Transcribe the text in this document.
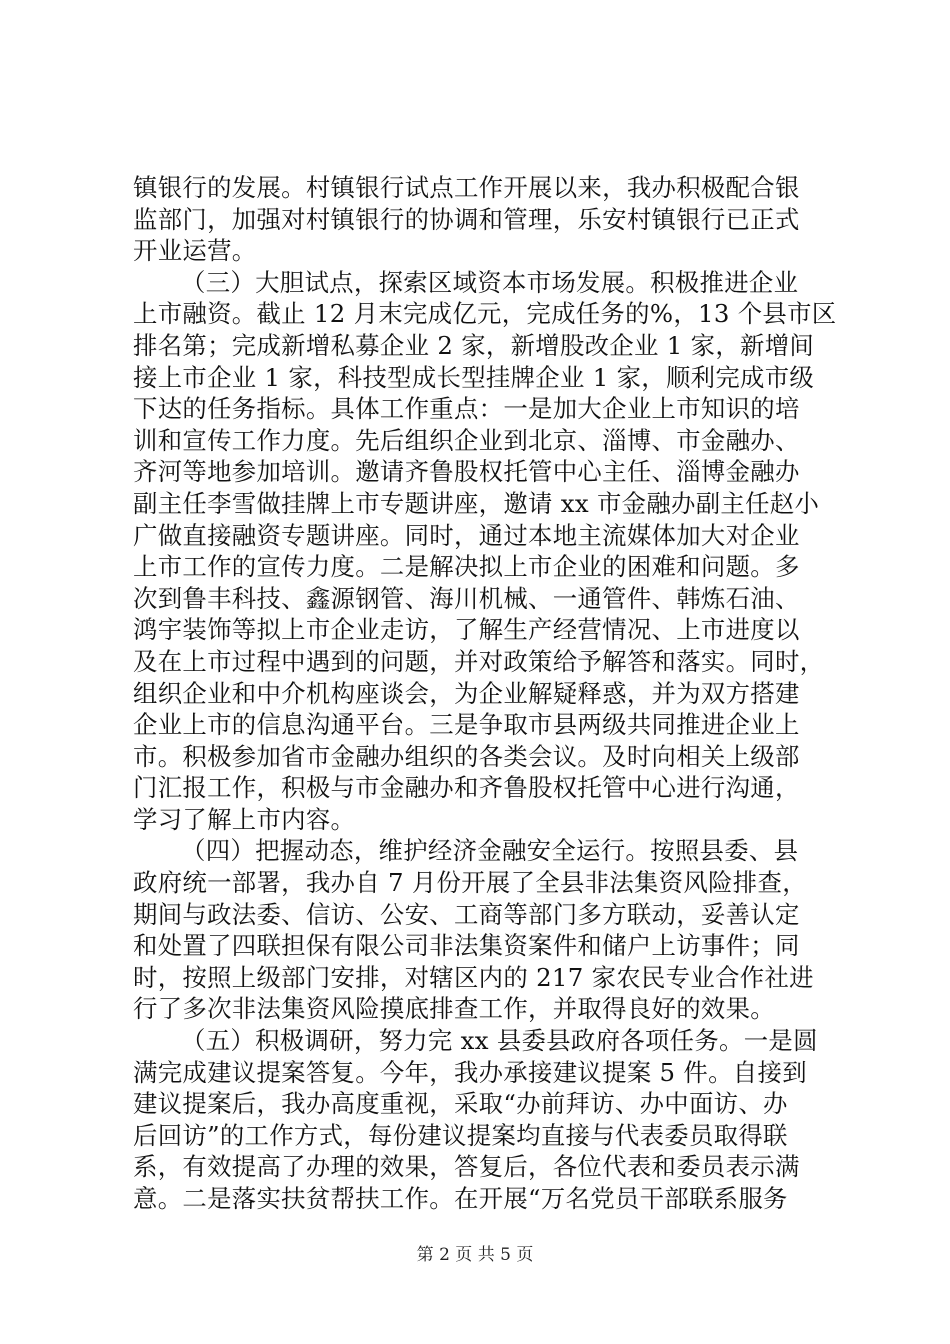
镇银行的发展。村镇银行试点工作开展以来，我办积极配合银
监部门，加强对村镇银行的协调和管理，乐安村镇银行已正式
开业运营。
（三）大胆试点，探索区域资本市场发展。积极推进企业
上市融资。截止 12 月末完成亿元，完成任务的%，13 个县市区
排名第；完成新增私募企业 2 家，新增股改企业 1 家，新增间
接上市企业 1 家，科技型成长型挂牌企业 1 家，顺利完成市级
下达的任务指标。具体工作重点：一是加大企业上市知识的培
训和宣传工作力度。先后组织企业到北京、淄博、市金融办、
齐河等地参加培训。邀请齐鲁股权托管中心主任、淄博金融办
副主任李雪做挂牌上市专题讲座，邀请 xx 市金融办副主任赵小
广做直接融资专题讲座。同时，通过本地主流媒体加大对企业
上市工作的宣传力度。二是解决拟上市企业的困难和问题。多
次到鲁丰科技、鑫源钢管、海川机械、一通管件、韩炼石油、
鸿宇装饰等拟上市企业走访，了解生产经营情况、上市进度以
及在上市过程中遇到的问题，并对政策给予解答和落实。同时，
组织企业和中介机构座谈会，为企业解疑释惑，并为双方搭建
企业上市的信息沟通平台。三是争取市县两级共同推进企业上
市。积极参加省市金融办组织的各类会议。及时向相关上级部
门汇报工作，积极与市金融办和齐鲁股权托管中心进行沟通，
学习了解上市内容。
（四）把握动态，维护经济金融安全运行。按照县委、县
政府统一部署，我办自 7 月份开展了全县非法集资风险排查，
期间与政法委、信访、公安、工商等部门多方联动，妥善认定
和处置了四联担保有限公司非法集资案件和储户上访事件；同
时，按照上级部门安排，对辖区内的 217 家农民专业合作社进
行了多次非法集资风险摸底排查工作，并取得良好的效果。
（五）积极调研，努力完 xx 县委县政府各项任务。一是圆
满完成建议提案答复。今年，我办承接建议提案 5 件。自接到
建议提案后，我办高度重视，采取“办前拜访、办中面访、办
后回访”的工作方式，每份建议提案均直接与代表委员取得联
系，有效提高了办理的效果，答复后，各位代表和委员表示满
意。二是落实扶贫帮扶工作。在开展“万名党员干部联系服务
第 2 页 共 5 页
